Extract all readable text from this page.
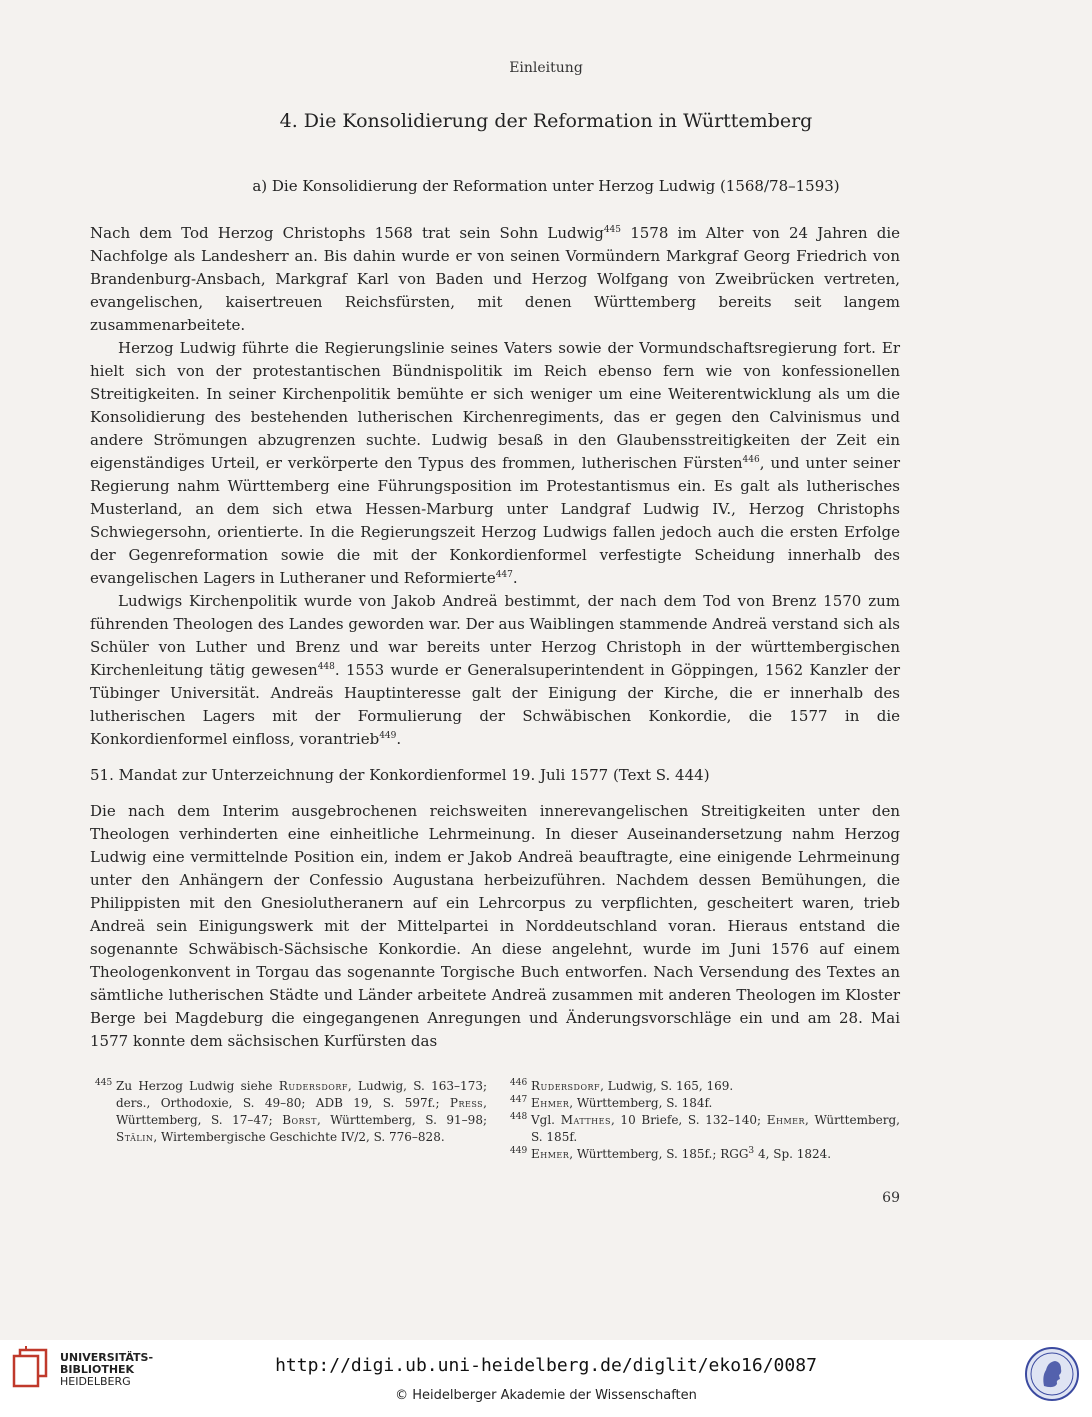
Einleitung
4. Die Konsolidierung der Reformation in Württemberg
a) Die Konsolidierung der Reformation unter Herzog Ludwig (1568/78–1593)

Nach dem Tod Herzog Christophs 1568 trat sein Sohn Ludwig$^{445}$ 1578 im Alter von 24 Jahren die Nachfolge als Landesherr an. Bis dahin wurde er von seinen Vormündern Markgraf Georg Friedrich von Brandenburg-Ansbach, Markgraf Karl von Baden und Herzog Wolfgang von Zweibrücken vertreten, evangelischen, kaisertreuen Reichsfürsten, mit denen Württemberg bereits seit langem zusammenarbeitete.

Herzog Ludwig führte die Regierungslinie seines Vaters sowie der Vormundschaftsregierung fort. Er hielt sich von der protestantischen Bündnispolitik im Reich ebenso fern wie von konfessionellen Streitigkeiten. In seiner Kirchenpolitik bemühte er sich weniger um eine Weiterentwicklung als um die Konsolidierung des bestehenden lutherischen Kirchenregiments, das er gegen den Calvinismus und andere Strömungen abzugrenzen suchte. Ludwig besaß in den Glaubensstreitigkeiten der Zeit ein eigenständiges Urteil, er verkörperte den Typus des frommen, lutherischen Fürsten$^{446}$, und unter seiner Regierung nahm Württemberg eine Führungsposition im Protestantismus ein. Es galt als lutherisches Musterland, an dem sich etwa Hessen-Marburg unter Landgraf Ludwig IV., Herzog Christophs Schwiegersohn, orientierte. In die Regierungszeit Herzog Ludwigs fallen jedoch auch die ersten Erfolge der Gegenreformation sowie die mit der Konkordienformel verfestigte Scheidung innerhalb des evangelischen Lagers in Lutheraner und Reformierte$^{447}$.

Ludwigs Kirchenpolitik wurde von Jakob Andreä bestimmt, der nach dem Tod von Brenz 1570 zum führenden Theologen des Landes geworden war. Der aus Waiblingen stammende Andreä verstand sich als Schüler von Luther und Brenz und war bereits unter Herzog Christoph in der württembergischen Kirchenleitung tätig gewesen$^{448}$. 1553 wurde er Generalsuperintendent in Göppingen, 1562 Kanzler der Tübinger Universität. Andreäs Hauptinteresse galt der Einigung der Kirche, die er innerhalb des lutherischen Lagers mit der Formulierung der Schwäbischen Konkordie, die 1577 in die Konkordienformel einfloss, vorantrieb$^{449}$.

51. Mandat zur Unterzeichnung der Konkordienformel 19. Juli 1577 (Text S. 444)

Die nach dem Interim ausgebrochenen reichsweiten innerevangelischen Streitigkeiten unter den Theologen verhinderten eine einheitliche Lehrmeinung. In dieser Auseinandersetzung nahm Herzog Ludwig eine vermittelnde Position ein, indem er Jakob Andreä beauftragte, eine einigende Lehrmeinung unter den Anhängern der Confessio Augustana herbeizuführen. Nachdem dessen Bemühungen, die Philippisten mit den Gnesiolutheranern auf ein Lehrcorpus zu verpflichten, gescheitert waren, trieb Andreä sein Einigungswerk mit der Mittelpartei in Norddeutschland voran. Hieraus entstand die sogenannte Schwäbisch-Sächsische Konkordie. An diese angelehnt, wurde im Juni 1576 auf einem Theologenkonvent in Torgau das sogenannte Torgische Buch entworfen. Nach Versendung des Textes an sämtliche lutherischen Städte und Länder arbeitete Andreä zusammen mit anderen Theologen im Kloster Berge bei Magdeburg die eingegangenen Anregungen und Änderungsvorschläge ein und am 28. Mai 1577 konnte dem sächsischen Kurfürsten das

445 Zu Herzog Ludwig siehe Rudersdorf, Ludwig, S. 163–173; ders., Orthodoxie, S. 49–80; ADB 19, S. 597f.; Press, Württemberg, S. 17–47; Borst, Württemberg, S. 91–98; Stälin, Wirtembergische Geschichte IV/2, S. 776–828.
446 Rudersdorf, Ludwig, S. 165, 169.
447 Ehmer, Württemberg, S. 184f.
448 Vgl. Matthes, 10 Briefe, S. 132–140; Ehmer, Württemberg, S. 185f.
449 Ehmer, Württemberg, S. 185f.; RGG$^3$ 4, Sp. 1824.
69
UNIVERSITÄTS-
BIBLIOTHEK
HEIDELBERG
http://digi.ub.uni-heidelberg.de/diglit/eko16/0087
© Heidelberger Akademie der Wissenschaften
